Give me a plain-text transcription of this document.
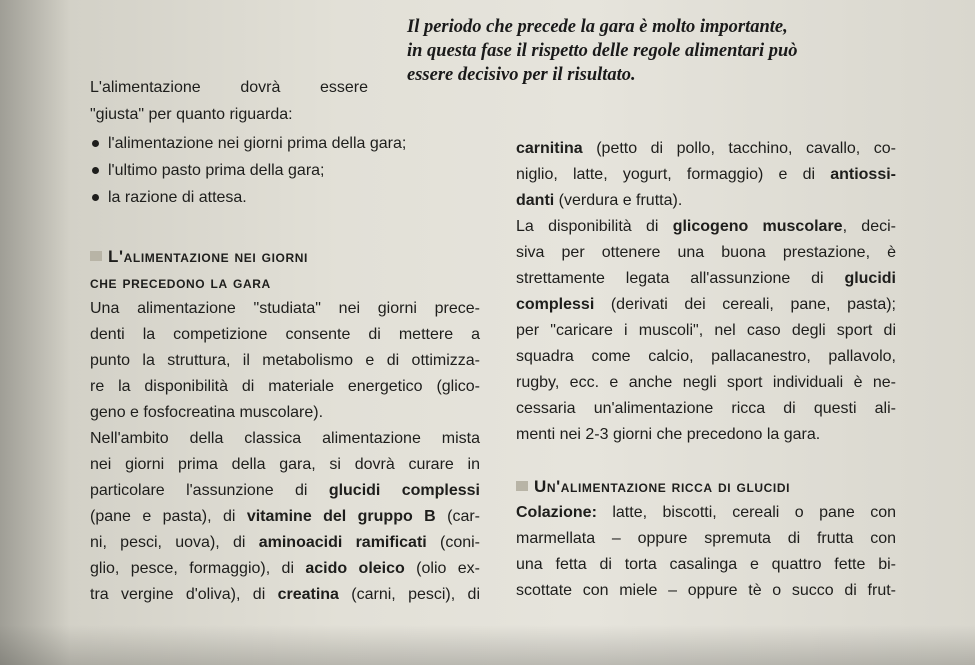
Il periodo che precede la gara è molto importante,
in questa fase il rispetto delle regole alimentari può
essere decisivo per il risultato.
L'alimentazione dovrà essere
"giusta" per quanto riguarda:
l'alimentazione nei giorni prima della gara;
l'ultimo pasto prima della gara;
la razione di attesa.

L'alimentazione nei giorni

che precedono la gara

Una alimentazione "studiata" nei giorni prece-
denti la competizione consente di mettere a
punto la struttura, il metabolismo e di ottimizza-
re la disponibilità di materiale energetico (glico-
geno e fosfocreatina muscolare).
Nell'ambito della classica alimentazione mista
nei giorni prima della gara, si dovrà curare in
particolare l'assunzione di glucidi complessi
(pane e pasta), di vitamine del gruppo B (car-
ni, pesci, uova), di aminoacidi ramificati (coni-
glio, pesce, formaggio), di acido oleico (olio ex-
tra vergine d'oliva), di creatina (carni, pesci), di
carnitina (petto di pollo, tacchino, cavallo, co-
niglio, latte, yogurt, formaggio) e di antiossi-
danti (verdura e frutta).
La disponibilità di glicogeno muscolare, deci-
siva per ottenere una buona prestazione, è
strettamente legata all'assunzione di glucidi
complessi (derivati dei cereali, pane, pasta);
per "caricare i muscoli", nel caso degli sport di
squadra come calcio, pallacanestro, pallavolo,
rugby, ecc. e anche negli sport individuali è ne-
cessaria un'alimentazione ricca di questi ali-
menti nei 2-3 giorni che precedono la gara.

Un'alimentazione ricca di glucidi

Colazione: latte, biscotti, cereali o pane con
marmellata – oppure spremuta di frutta con
una fetta di torta casalinga e quattro fette bi-
scottate con miele – oppure tè o succo di frut-
